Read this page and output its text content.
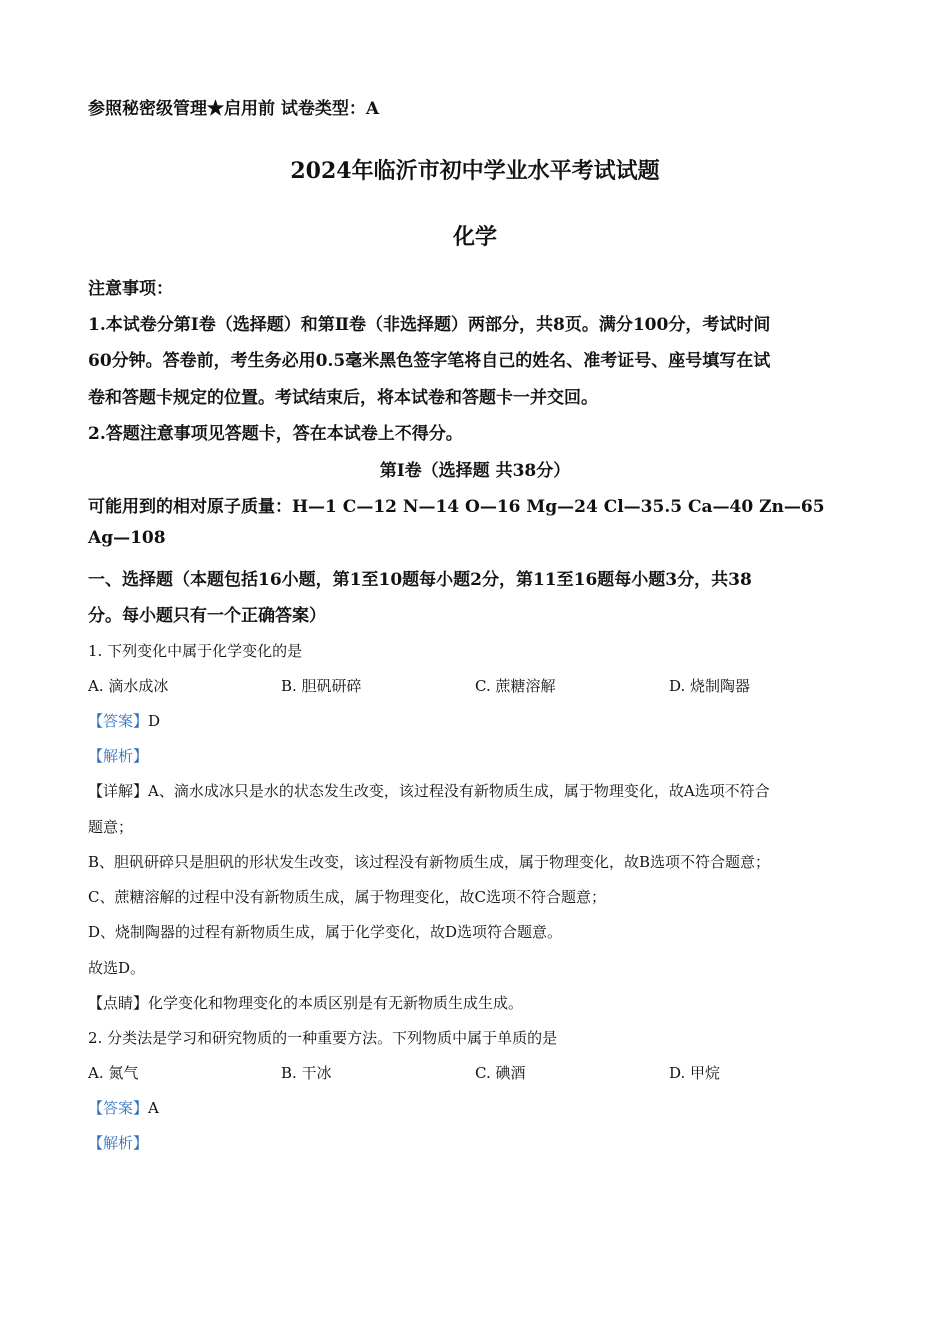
参照秘密级管理★启用前 试卷类型：A
2024年临沂市初中学业水平考试试题
化学
注意事项：
1.本试卷分第Ⅰ卷（选择题）和第Ⅱ卷（非选择题）两部分，共8页。满分100分，考试时间
60分钟。答卷前，考生务必用0.5毫米黑色签字笔将自己的姓名、准考证号、座号填写在试
卷和答题卡规定的位置。考试结束后，将本试卷和答题卡一并交回。
2.答题注意事项见答题卡，答在本试卷上不得分。
第Ⅰ卷（选择题 共38分）
可能用到的相对原子质量：H—1 C—12 N—14 O—16 Mg—24 Cl—35.5 Ca—40 Zn—65
Ag—108
一、选择题（本题包括16小题，第1至10题每小题2分，第11至16题每小题3分，共38
分。每小题只有一个正确答案）
1. 下列变化中属于化学变化的是
A. 滴水成冰	B. 胆矾研碎	C. 蔗糖溶解	D. 烧制陶器
【答案】D
【解析】
【详解】A、滴水成冰只是水的状态发生改变，该过程没有新物质生成，属于物理变化，故A选项不符合
题意；
B、胆矾研碎只是胆矾的形状发生改变，该过程没有新物质生成，属于物理变化，故B选项不符合题意；
C、蔗糖溶解的过程中没有新物质生成，属于物理变化，故C选项不符合题意；
D、烧制陶器的过程有新物质生成，属于化学变化，故D选项符合题意。
故选D。
【点睛】化学变化和物理变化的本质区别是有无新物质生成生成。
2. 分类法是学习和研究物质的一种重要方法。下列物质中属于单质的是
A. 氮气	B. 干冰	C. 碘酒	D. 甲烷
【答案】A
【解析】
